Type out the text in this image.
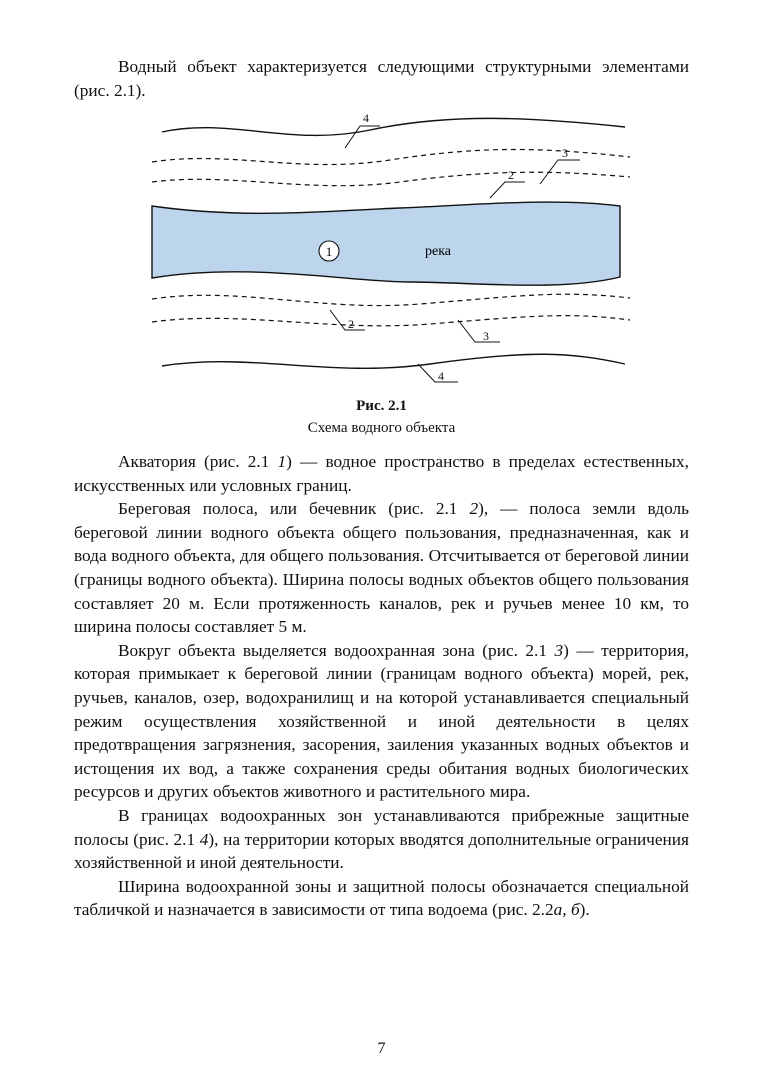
Водный объект характеризуется следующими структурными элементами (рис. 2.1).

1	река
4
3
2
2
3
4
Рис. 2.1
Схема водного объекта

Акватория (рис. 2.1 1) — водное пространство в пределах естественных, искусственных или условных границ.

Береговая полоса, или бечевник (рис. 2.1 2), — полоса земли вдоль береговой линии водного объекта общего пользования, предназначенная, как и вода водного объекта, для общего пользования. Отсчитывается от береговой линии (границы водного объекта). Ширина полосы водных объектов общего пользования составляет 20 м. Если протяженность каналов, рек и ручьев менее 10 км, то ширина полосы составляет 5 м.

Вокруг объекта выделяется водоохранная зона (рис. 2.1 3) — территория, которая примыкает к береговой линии (границам водного объекта) морей, рек, ручьев, каналов, озер, водохранилищ и на которой устанавливается специальный режим осуществления хозяйственной и иной деятельности в целях предотвращения загрязнения, засорения, заиления указанных водных объектов и истощения их вод, а также сохранения среды обитания водных биологических ресурсов и других объектов животного и растительного мира.

В границах водоохранных зон устанавливаются прибрежные защитные полосы (рис. 2.1 4), на территории которых вводятся дополнительные ограничения хозяйственной и иной деятельности.

Ширина водоохранной зоны и защитной полосы обозначается специальной табличкой и назначается в зависимости от типа водоема (рис. 2.2а, б).

7
